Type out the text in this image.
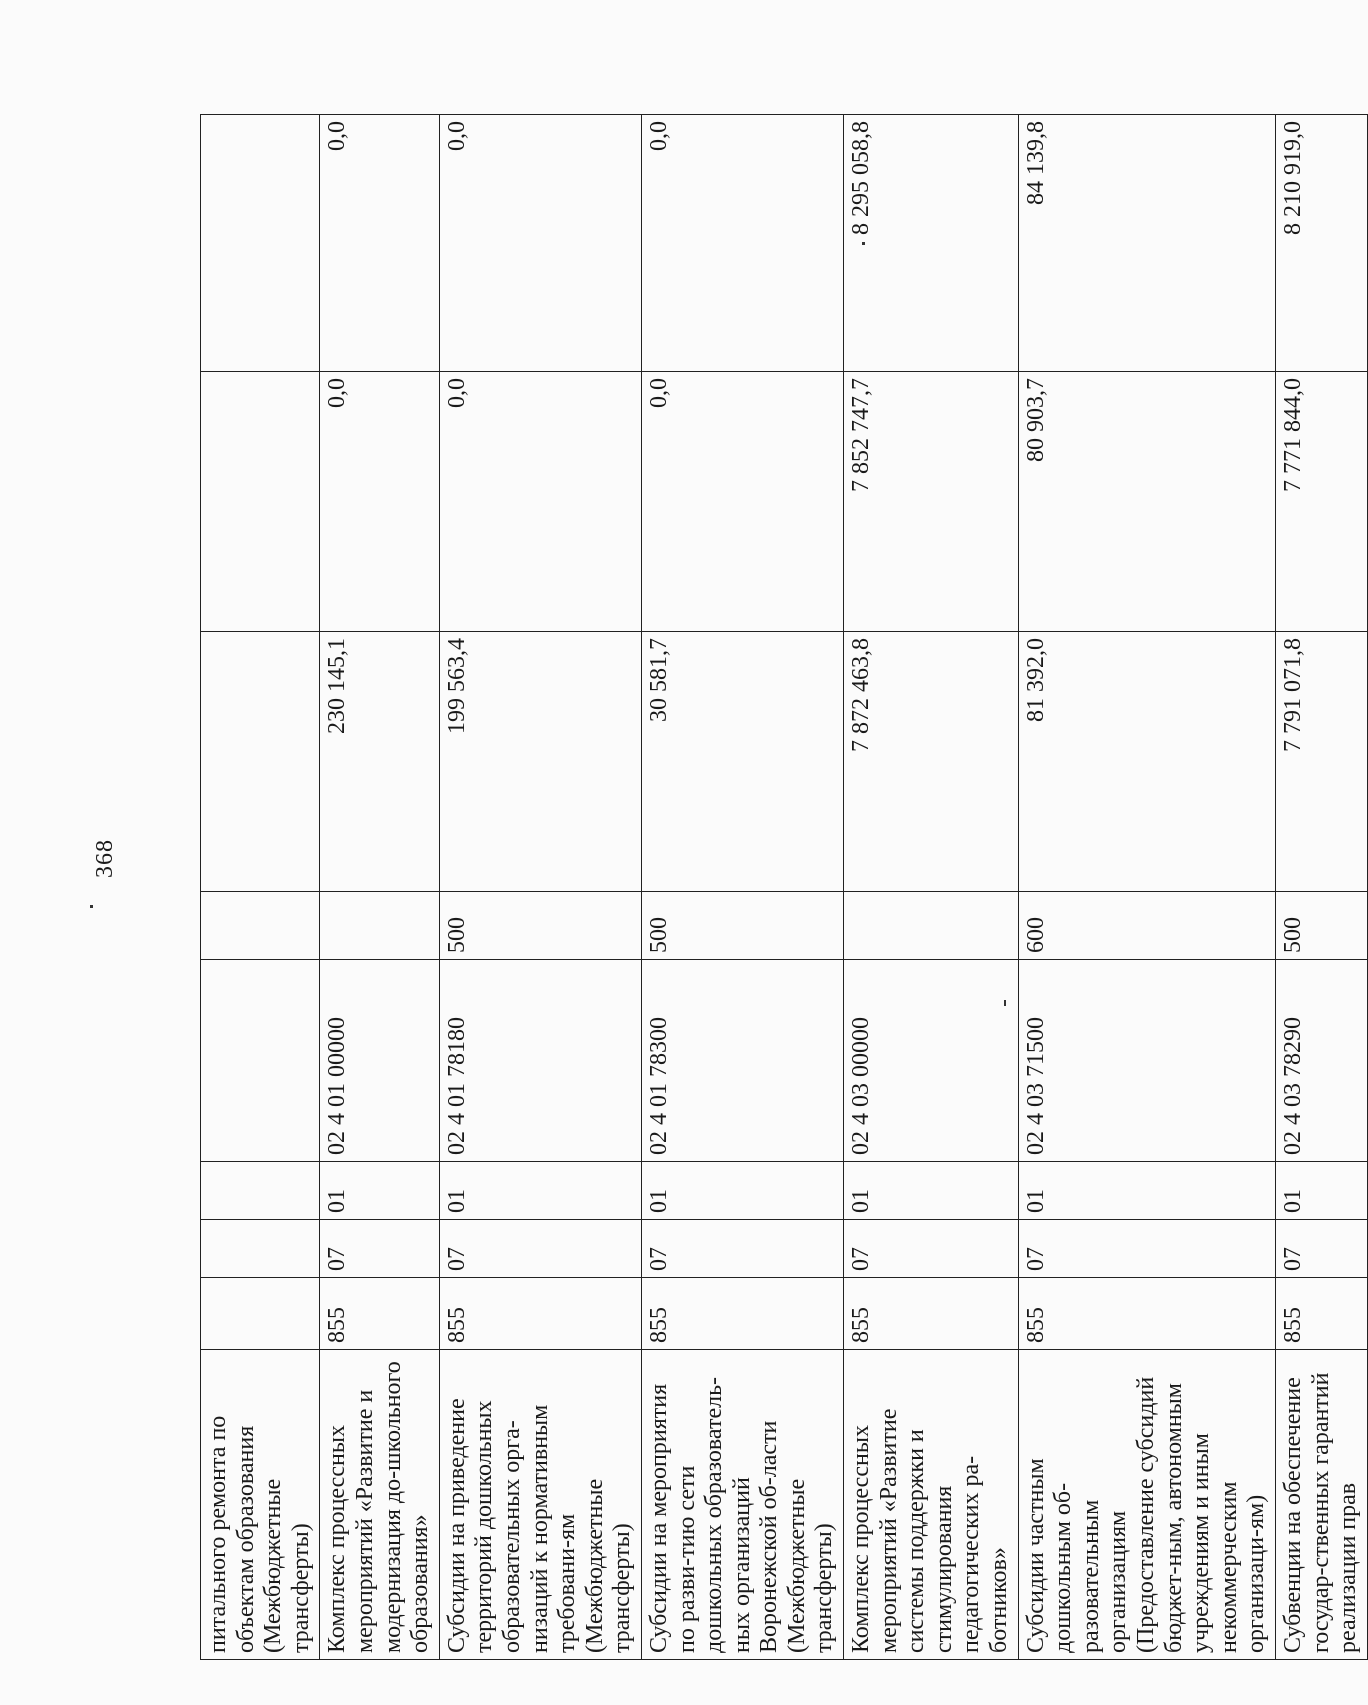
368
питального ремонта по объектам образования (Межбюджетные трансферты)								
Комплекс процессных мероприятий «Развитие и модернизация до-школьного образования»	855	07	01	02 4 01 00000		230 145,1	0,0	0,0
Субсидии на приведение территорий дошкольных образовательных орга-низаций к нормативным требовани-ям (Межбюджетные трансферты)	855	07	01	02 4 01 78180	500	199 563,4	0,0	0,0
Субсидии на мероприятия по разви-тию сети дошкольных образователь-ных организаций Воронежской об-ласти (Межбюджетные трансферты)	855	07	01	02 4 01 78300	500	30 581,7	0,0	0,0
Комплекс процессных мероприятий «Развитие системы поддержки и стимулирования педагогических ра-ботников»	855	07	01	02 4 03 00000		7 872 463,8	7 852 747,7	8 295 058,8
Субсидии частным дошкольным об-разовательным организациям (Предоставление субсидий бюджет-ным, автономным учреждениям и иным некоммерческим организаци-ям)	855	07	01	02 4 03 71500	600	81 392,0	80 903,7	84 139,8
Субвенции на обеспечение государ-ственных гарантий реализации прав	855	07	01	02 4 03 78290	500	7 791 071,8	7 771 844,0	8 210 919,0
